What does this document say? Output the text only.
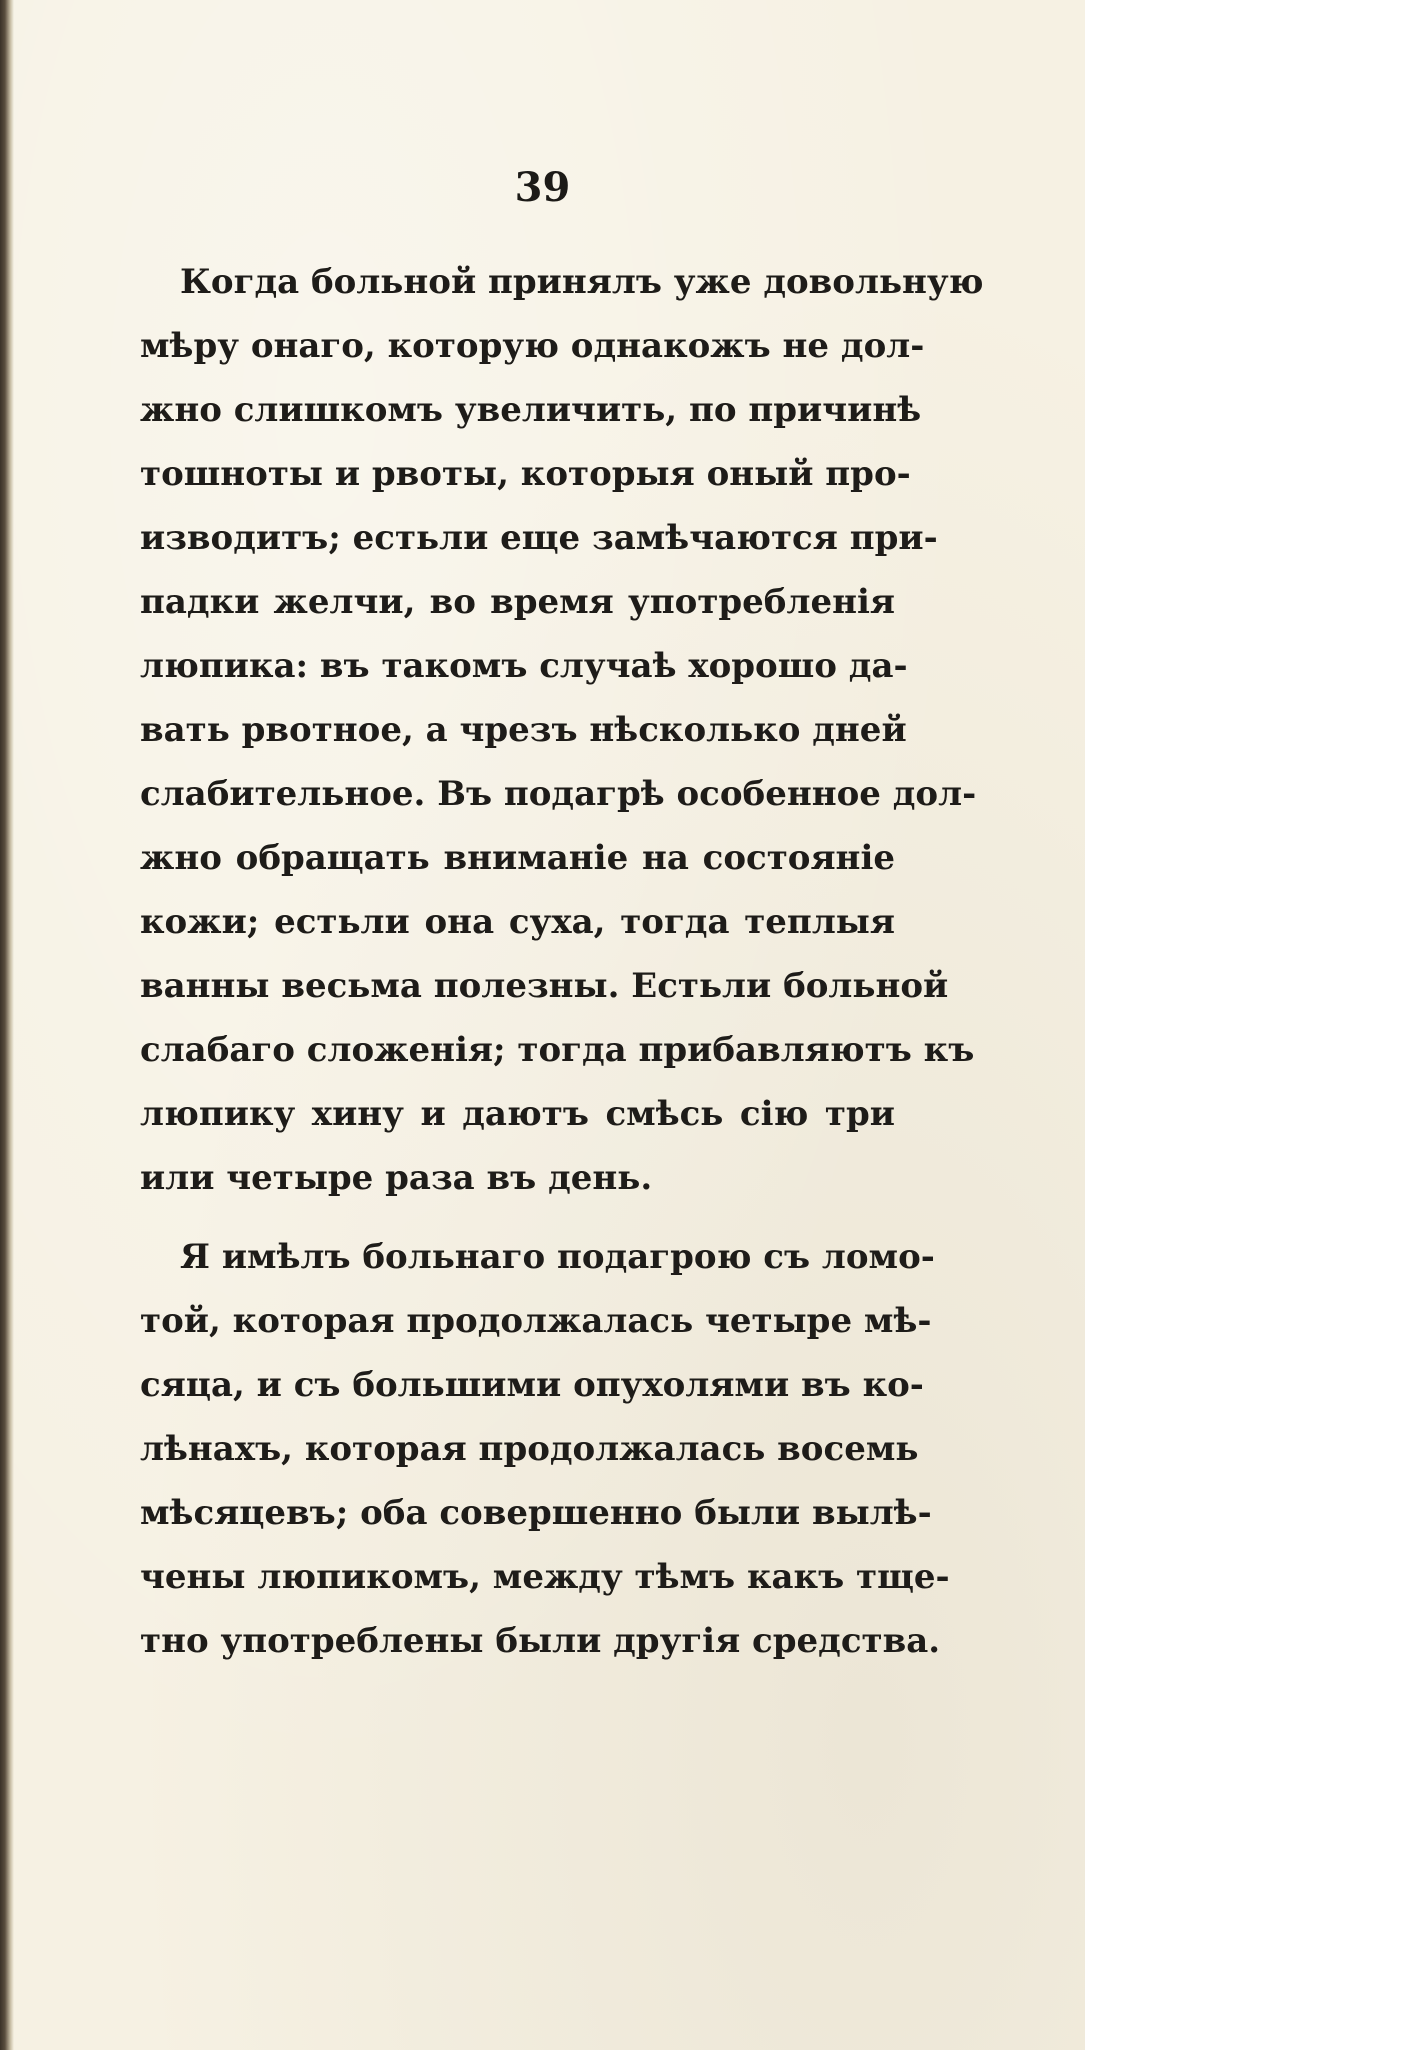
39
Когда больной принялъ уже довольную
мѣру онаго, которую однакожъ не дол-
жно слишкомъ увеличить, по причинѣ
тошноты и рвоты, которыя оный про-
изводитъ; естьли еще замѣчаются при-
падки желчи, во время употребленія
люпика: въ такомъ случаѣ хорошо да-
вать рвотное, а чрезъ нѣсколько дней
слабительное. Въ подагрѣ особенное дол-
жно обращать вниманіе на состояніе
кожи; естьли она суха, тогда теплыя
ванны весьма полезны. Естьли больной
слабаго сложенія; тогда прибавляютъ къ
люпику хину и даютъ смѣсь сію три
или четыре раза въ день.
Я имѣлъ больнаго подагрою съ ломо-
той, которая продолжалась четыре мѣ-
сяца, и съ большими опухолями въ ко-
лѣнахъ, которая продолжалась восемь
мѣсяцевъ; оба совершенно были вылѣ-
чены люпикомъ, между тѣмъ какъ тще-
тно употреблены были другія средства.
